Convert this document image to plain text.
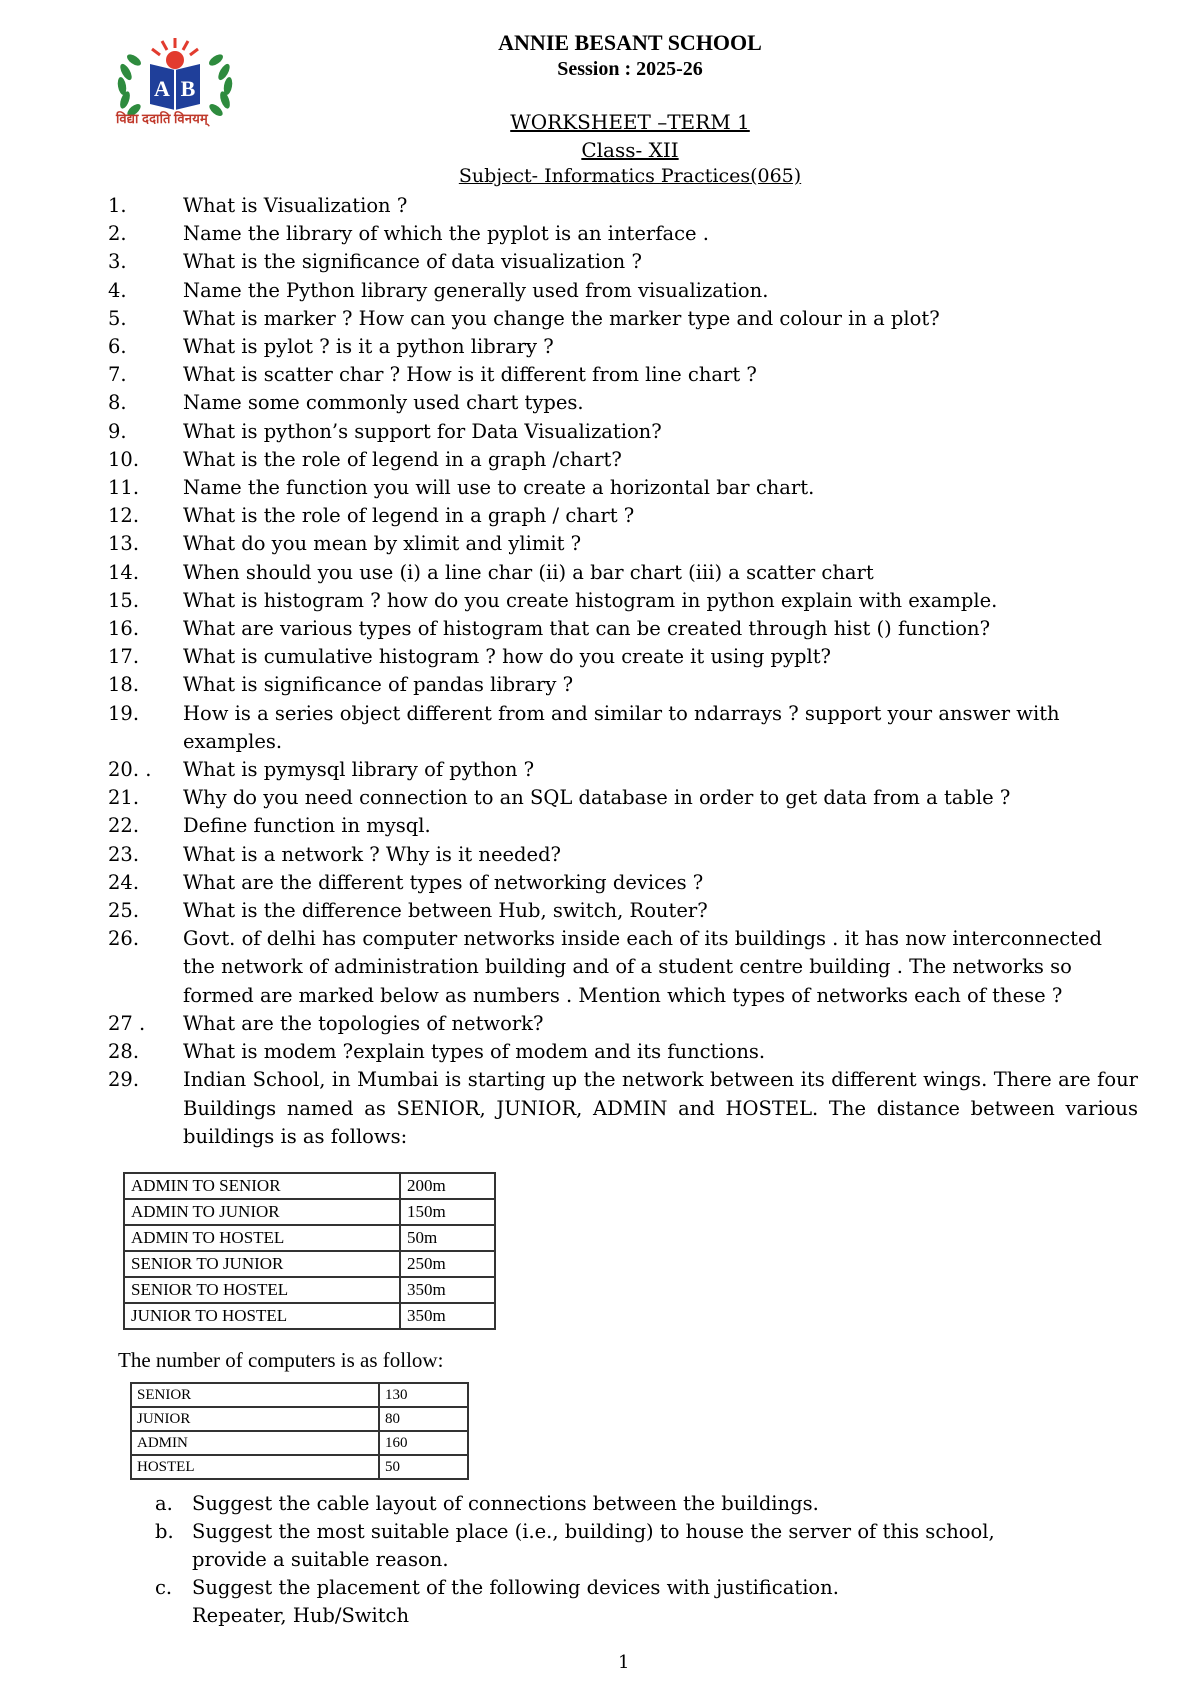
A B
विद्या ददाति विनयम्
ANNIE BESANT SCHOOL
Session : 2025-26
WORKSHEET –TERM 1
Class- XII
Subject- Informatics Practices(065)
1.	What is Visualization ?
2.	Name the library of which the pyplot is an interface .
3.	What is the significance of data visualization ?
4.	Name the Python library generally used from visualization.
5.	What is marker ? How can you change the marker type and colour in a plot?
6.	What is pylot ? is it a python library ?
7.	What is scatter char ? How is it different from line chart ?
8.	Name some commonly used chart types.
9.	What is python’s support for Data Visualization?
10.	What is the role of legend in a graph /chart?
11.	Name the function you will use to create a horizontal bar chart.
12.	What is the role of legend in a graph / chart ?
13.	What do you mean by xlimit and ylimit ?
14.	When should you use (i) a line char (ii) a bar chart (iii) a scatter chart
15.	What is histogram ? how do you create histogram in python explain with example.
16.	What are various types of histogram that can be created through hist () function?
17.	What is cumulative histogram ? how do you create it using pyplt?
18.	What is significance of pandas library ?
19.	How is a series object different from and similar to ndarrays ? support your answer with examples.
20. .	What is pymysql library of python ?
21.	Why do you need connection to an SQL database in order to get data from a table ?
22.	Define function in mysql.
23.	What is a network ? Why is it needed?
24.	What are the different types of networking devices ?
25.	What is the difference between Hub, switch, Router?
26.	Govt. of delhi has computer networks inside each of its buildings . it has now interconnected the network of administration building and of a student centre building . The networks so formed are marked below as numbers . Mention which types of networks each of these ?
27 .	What are the topologies of network?
28.	What is modem ?explain types of modem and its functions.
29.	Indian School, in Mumbai is starting up the network between its different wings. There are four Buildings named as SENIOR, JUNIOR, ADMIN and HOSTEL. The distance between various buildings is as follows:
ADMIN TO SENIOR	200m
ADMIN TO JUNIOR	150m
ADMIN TO HOSTEL	50m
SENIOR TO JUNIOR	250m
SENIOR TO HOSTEL	350m
JUNIOR TO HOSTEL	350m
The number of computers is as follow:
SENIOR	130
JUNIOR	80
ADMIN	160
HOSTEL	50
a. Suggest the cable layout of connections between the buildings.
b. Suggest the most suitable place (i.e., building) to house the server of this school, provide a suitable reason.
c.	Suggest the placement of the following devices with justification.
Repeater, Hub/Switch
1
